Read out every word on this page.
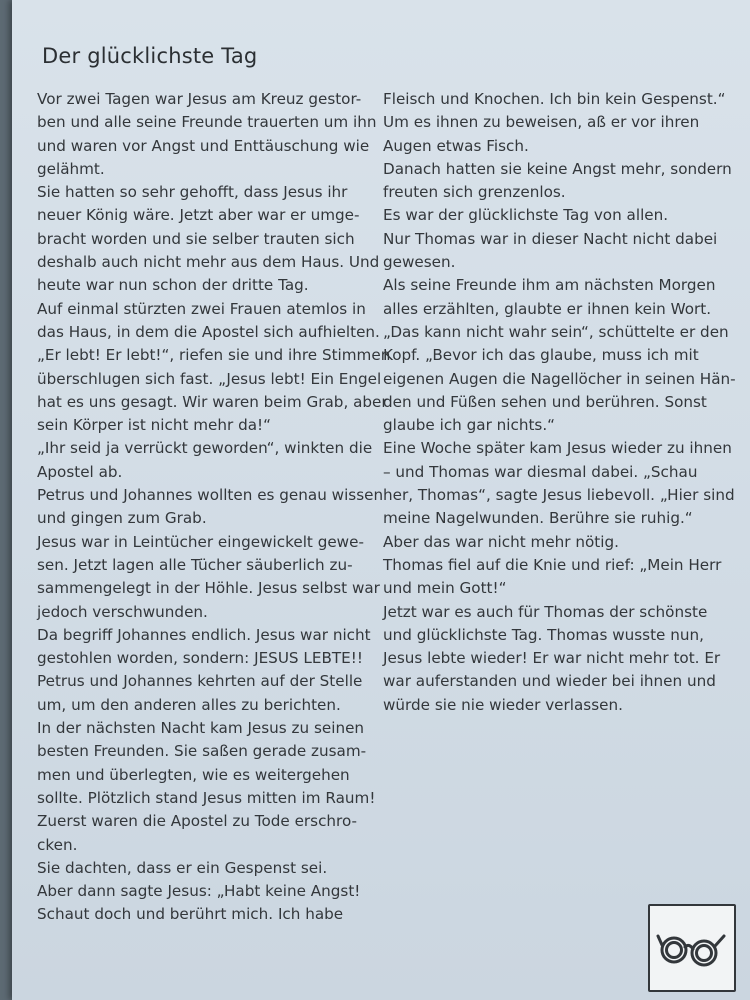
Der glücklichste Tag
Vor zwei Tagen war Jesus am Kreuz gestor-
ben und alle seine Freunde trauerten um ihn
und waren vor Angst und Enttäuschung wie
gelähmt.
Sie hatten so sehr gehofft, dass Jesus ihr
neuer König wäre. Jetzt aber war er umge-
bracht worden und sie selber trauten sich
deshalb auch nicht mehr aus dem Haus. Und
heute war nun schon der dritte Tag.
Auf einmal stürzten zwei Frauen atemlos in
das Haus, in dem die Apostel sich aufhielten.
„Er lebt! Er lebt!“, riefen sie und ihre Stimmen
überschlugen sich fast. „Jesus lebt! Ein Engel
hat es uns gesagt. Wir waren beim Grab, aber
sein Körper ist nicht mehr da!“
„Ihr seid ja verrückt geworden“, winkten die
Apostel ab.
Petrus und Johannes wollten es genau wissen
und gingen zum Grab.
Jesus war in Leintücher eingewickelt gewe-
sen. Jetzt lagen alle Tücher säuberlich zu-
sammengelegt in der Höhle. Jesus selbst war
jedoch verschwunden.
Da begriff Johannes endlich. Jesus war nicht
gestohlen worden, sondern: JESUS LEBTE!!
Petrus und Johannes kehrten auf der Stelle
um, um den anderen alles zu berichten.
In der nächsten Nacht kam Jesus zu seinen
besten Freunden. Sie saßen gerade zusam-
men und überlegten, wie es weitergehen
sollte. Plötzlich stand Jesus mitten im Raum!
Zuerst waren die Apostel zu Tode erschro-
cken.
Sie dachten, dass er ein Gespenst sei.
Aber dann sagte Jesus: „Habt keine Angst!
Schaut doch und berührt mich. Ich habe
Fleisch und Knochen. Ich bin kein Gespenst.“
Um es ihnen zu beweisen, aß er vor ihren
Augen etwas Fisch.
Danach hatten sie keine Angst mehr, sondern
freuten sich grenzenlos.
Es war der glücklichste Tag von allen.
Nur Thomas war in dieser Nacht nicht dabei
gewesen.
Als seine Freunde ihm am nächsten Morgen
alles erzählten, glaubte er ihnen kein Wort.
„Das kann nicht wahr sein“, schüttelte er den
Kopf. „Bevor ich das glaube, muss ich mit
eigenen Augen die Nagellöcher in seinen Hän-
den und Füßen sehen und berühren. Sonst
glaube ich gar nichts.“
Eine Woche später kam Jesus wieder zu ihnen
– und Thomas war diesmal dabei. „Schau
her, Thomas“, sagte Jesus liebevoll. „Hier sind
meine Nagelwunden. Berühre sie ruhig.“
Aber das war nicht mehr nötig.
Thomas fiel auf die Knie und rief: „Mein Herr
und mein Gott!“
Jetzt war es auch für Thomas der schönste
und glücklichste Tag. Thomas wusste nun,
Jesus lebte wieder! Er war nicht mehr tot. Er
war auferstanden und wieder bei ihnen und
würde sie nie wieder verlassen.
